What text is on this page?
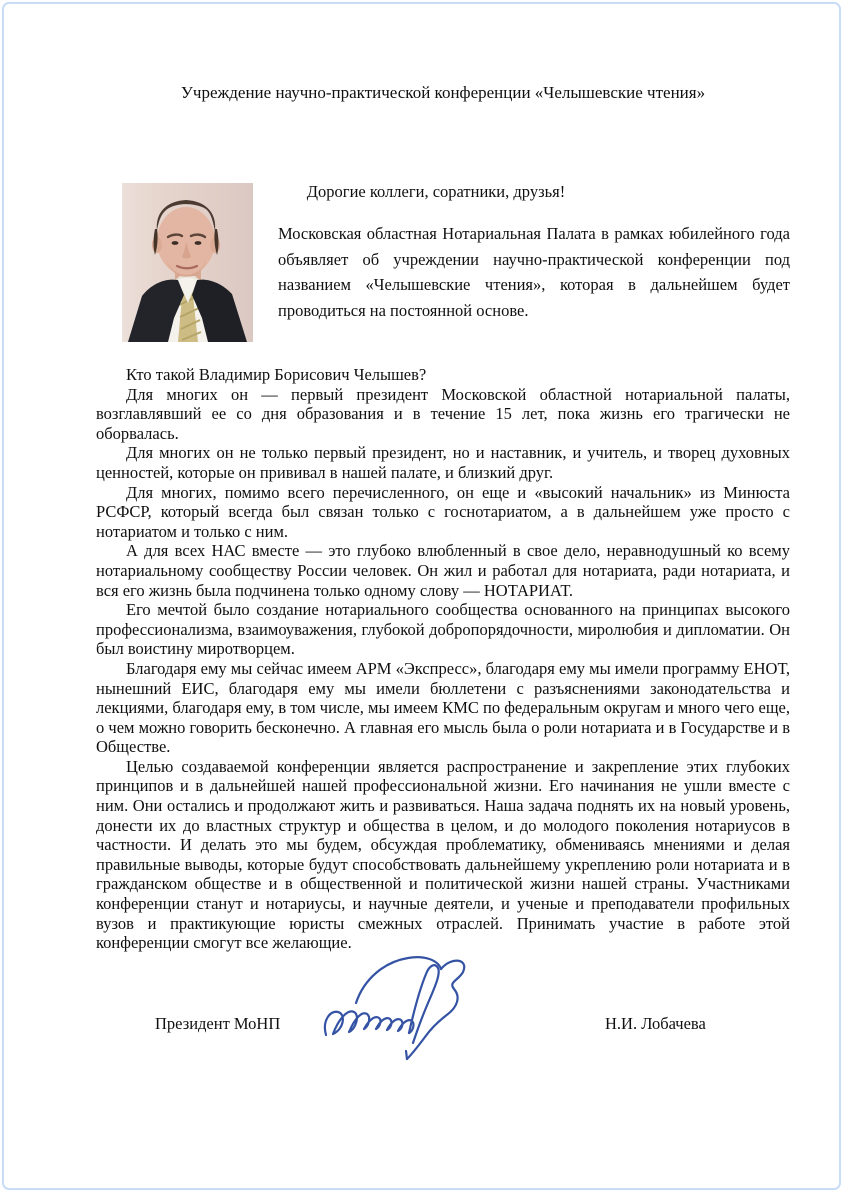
Учреждение научно-практической конференции «Челышевские чтения»
Дорогие коллеги, соратники, друзья!
Московская областная Нотариальная Палата в рамках юбилейного года объявляет об учреждении научно-практической конференции под названием «Челышевские чтения», которая в дальнейшем будет проводиться на постоянной основе.

Кто такой Владимир Борисович Челышев?

Для многих он — первый президент Московской областной нотариальной палаты, возглавлявший ее со дня образования и в течение 15 лет, пока жизнь его трагически не оборвалась.

Для многих он не только первый президент, но и наставник, и учитель, и творец духовных ценностей, которые он прививал в нашей палате, и близкий друг.

Для многих, помимо всего перечисленного, он еще и «высокий начальник» из Минюста РСФСР, который всегда был связан только с госнотариатом, а в дальнейшем уже просто с нотариатом и только с ним.

А для всех НАС вместе — это глубоко влюбленный в свое дело, неравнодушный ко всему нотариальному сообществу России человек. Он жил и работал для нотариата, ради нотариата, и вся его жизнь была подчинена только одному слову — НОТАРИАТ.

Его мечтой было создание нотариального сообщества основанного на принципах высокого профессионализма, взаимоуважения, глубокой добропорядочности, миролюбия и дипломатии. Он был воистину миротворцем.

Благодаря ему мы сейчас имеем АРМ «Экспресс», благодаря ему мы имели программу ЕНОТ, нынешний ЕИС, благодаря ему мы имели бюллетени с разъяснениями законодательства и лекциями, благодаря ему, в том числе, мы имеем КМС по федеральным округам и много чего еще, о чем можно говорить бесконечно. А главная его мысль была о роли нотариата и в Государстве и в Обществе.

Целью создаваемой конференции является распространение и закрепление этих глубоких принципов и в дальнейшей нашей профессиональной жизни. Его начинания не ушли вместе с ним. Они остались и продолжают жить и развиваться. Наша задача поднять их на новый уровень, донести их до властных структур и общества в целом, и до молодого поколения нотариусов в частности. И делать это мы будем, обсуждая проблематику, обмениваясь мнениями и делая правильные выводы, которые будут способствовать дальнейшему укреплению роли нотариата и в гражданском обществе и в общественной и политической жизни нашей страны. Участниками конференции станут и нотариусы, и научные деятели, и ученые и преподаватели профильных вузов и практикующие юристы смежных отраслей. Принимать участие в работе этой конференции смогут все желающие.

Президент МоНП	Н.И. Лобачева
